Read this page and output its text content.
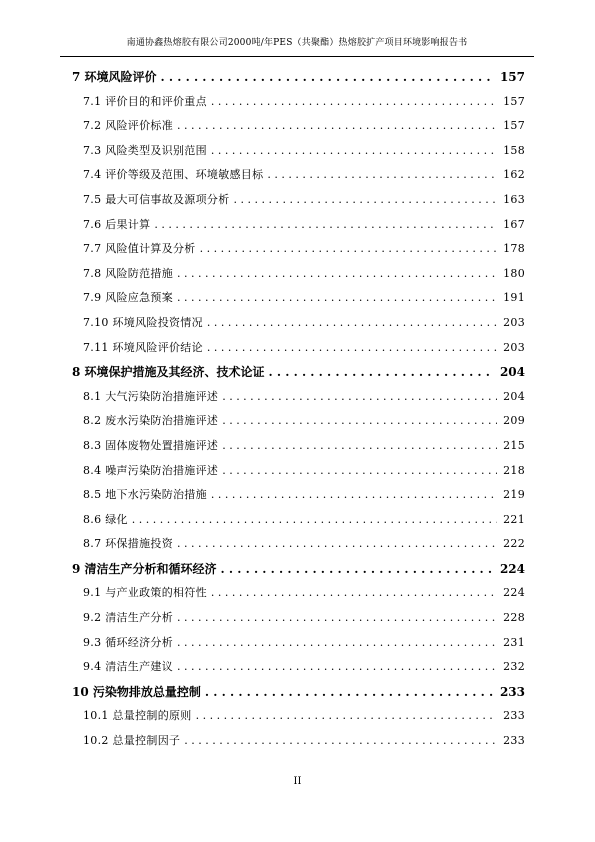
南通协鑫热熔胶有限公司2000吨/年PES（共聚酯）热熔胶扩产项目环境影响报告书
7 环境风险评价 . . .	157
7.1 评价目的和评价重点 . . .	157
7.2 风险评价标准 . . .	157
7.3 风险类型及识别范围 . . .	158
7.4 评价等级及范围、环境敏感目标 . . .	162
7.5 最大可信事故及源项分析 . . .	163
7.6 后果计算 . . .	167
7.7 风险值计算及分析 . . .	178
7.8 风险防范措施 . . .	180
7.9 风险应急预案 . . .	191
7.10 环境风险投资情况 . . .	203
7.11 环境风险评价结论 . . .	203
8 环境保护措施及其经济、技术论证 . . .	204
8.1 大气污染防治措施评述 . . .	204
8.2 废水污染防治措施评述 . . .	209
8.3 固体废物处置措施评述 . . .	215
8.4 噪声污染防治措施评述 . . .	218
8.5 地下水污染防治措施 . . .	219
8.6 绿化 . . .	221
8.7 环保措施投资 . . .	222
9 清洁生产分析和循环经济 . . .	224
9.1 与产业政策的相符性 . . .	224
9.2 清洁生产分析 . . .	228
9.3 循环经济分析 . . .	231
9.4 清洁生产建议 . . .	232
10 污染物排放总量控制 . . .	233
10.1 总量控制的原则 . . .	233
10.2 总量控制因子 . . .	233
II
